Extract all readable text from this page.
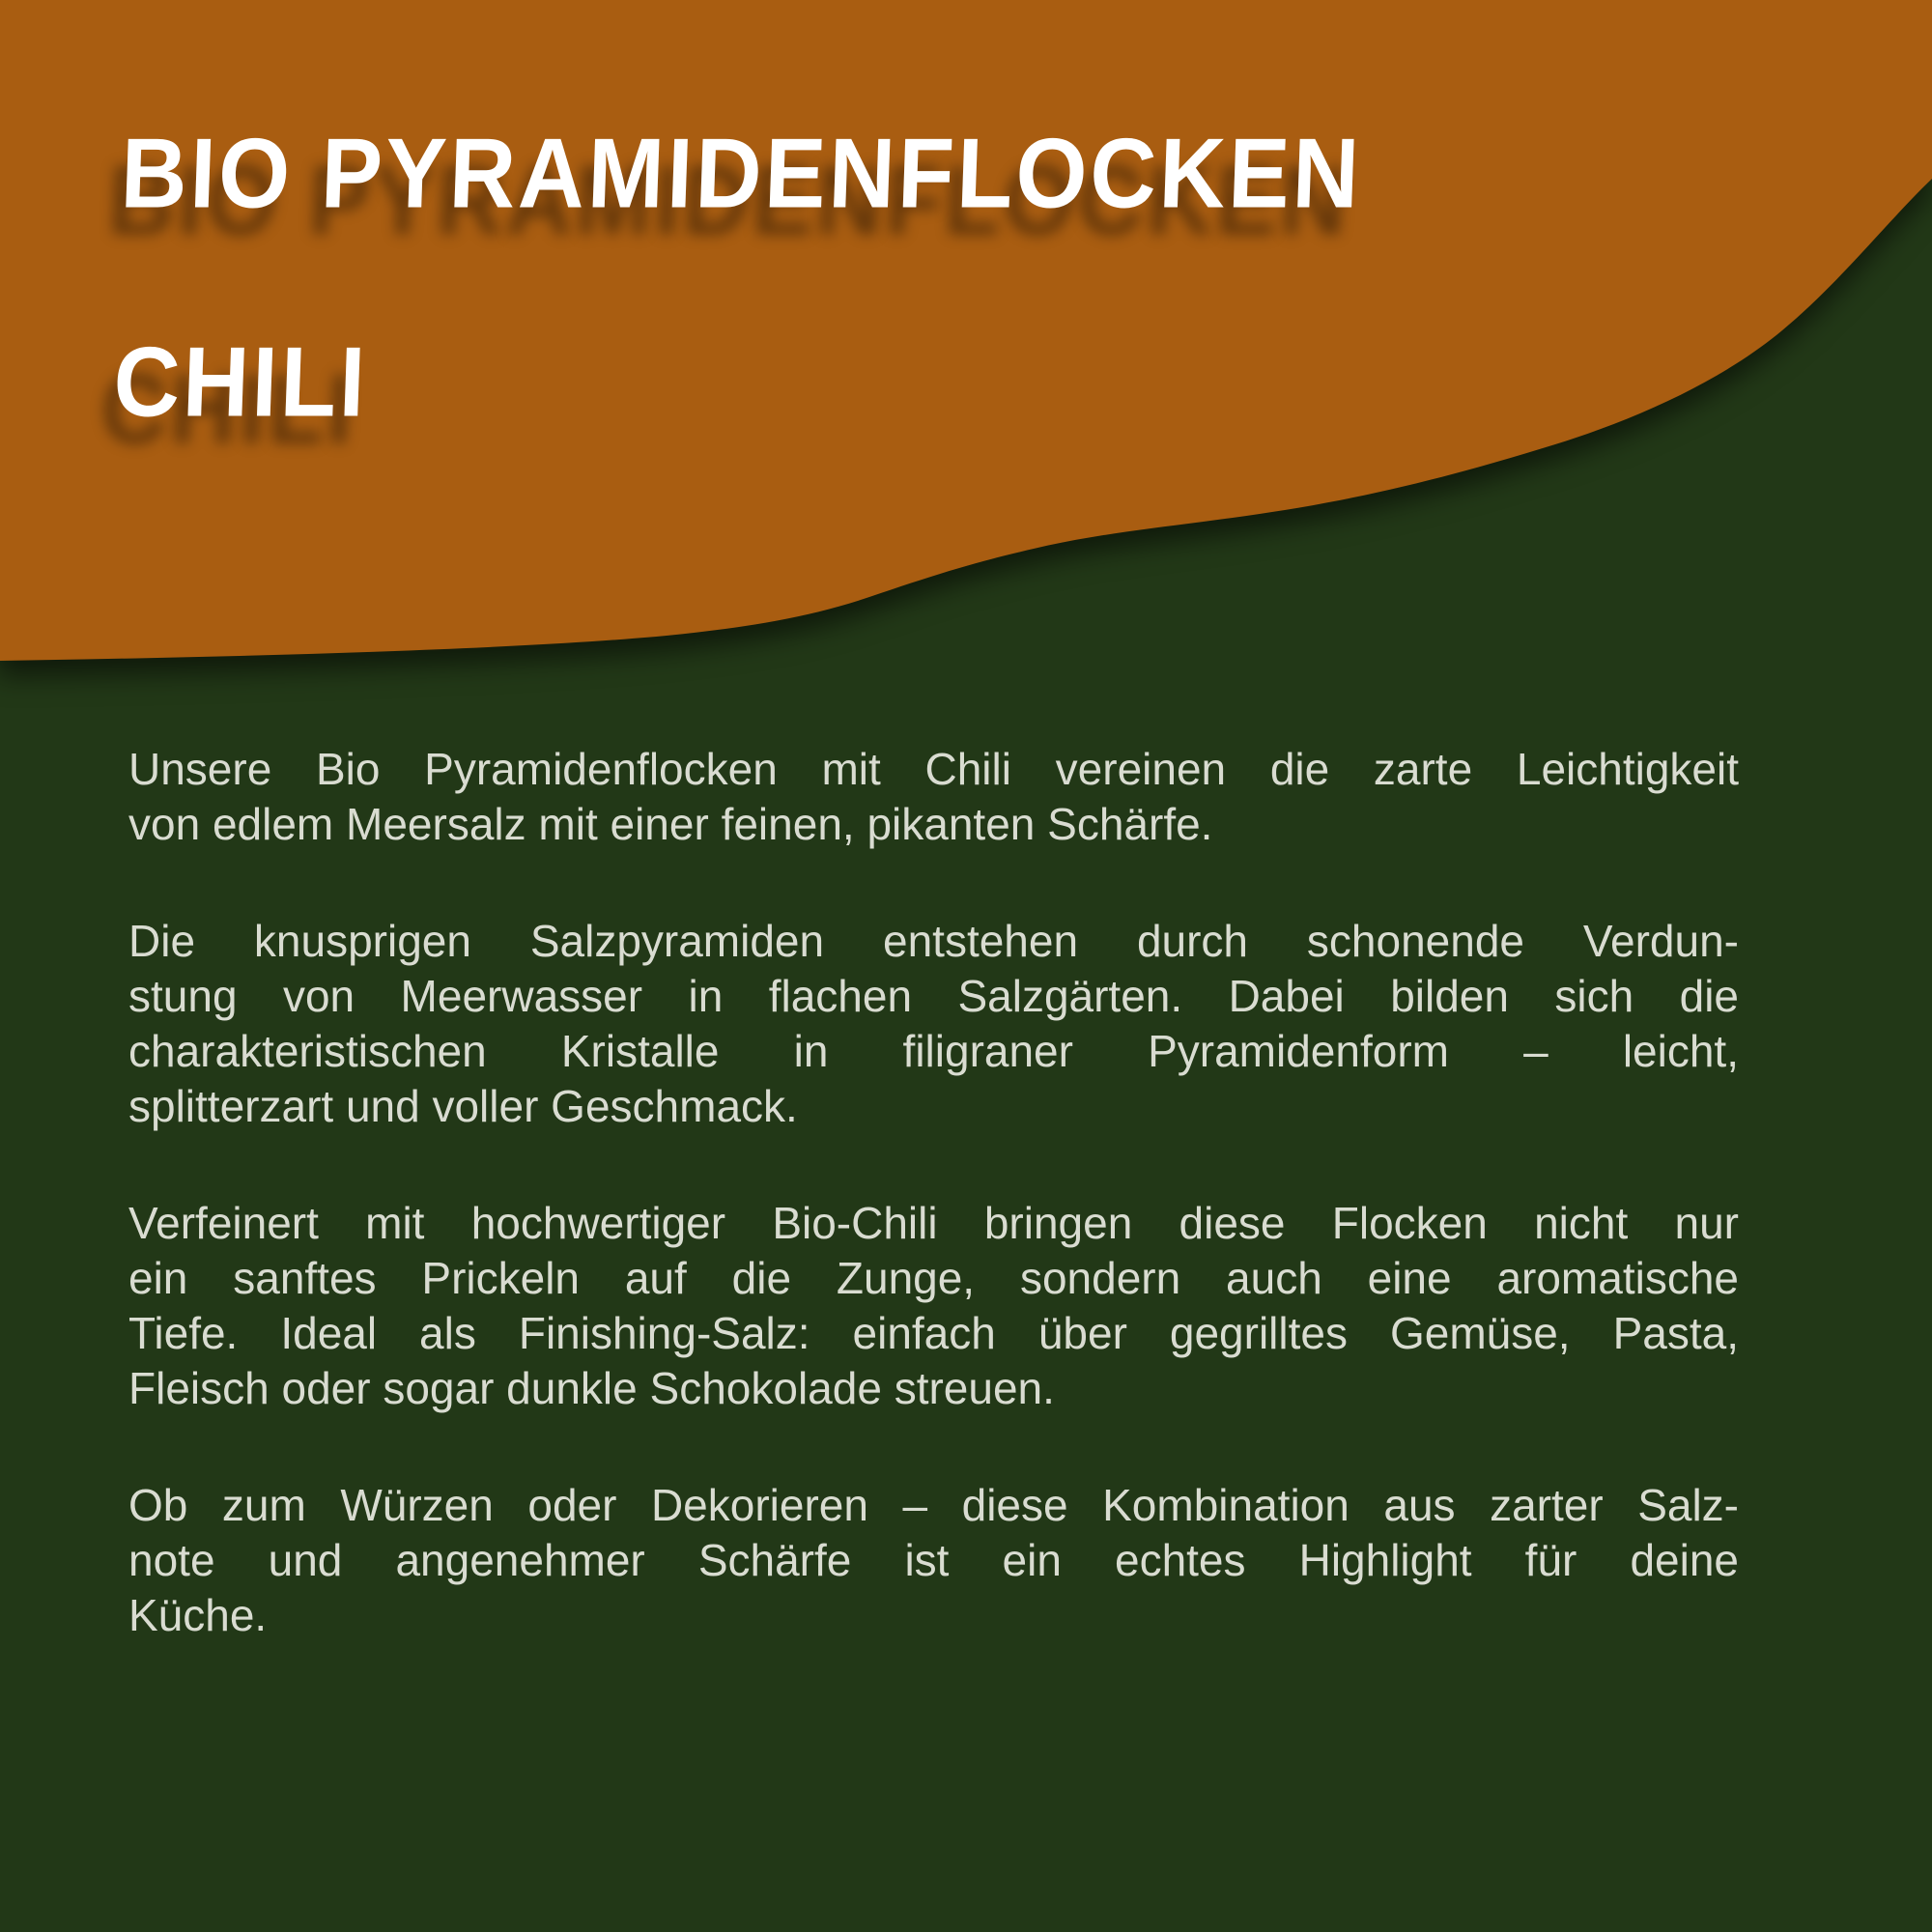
BIO PYRAMIDENFLOCKEN
CHILI
Unsere Bio Pyramidenflocken mit Chili vereinen die zarte Leichtigkeit
von edlem Meersalz mit einer feinen, pikanten Schärfe.
Die knusprigen Salzpyramiden entstehen durch schonende Verdun-
stung von Meerwasser in flachen Salzgärten. Dabei bilden sich die
charakteristischen Kristalle in filigraner Pyramidenform – leicht,
splitterzart und voller Geschmack.
Verfeinert mit hochwertiger Bio-Chili bringen diese Flocken nicht nur
ein sanftes Prickeln auf die Zunge, sondern auch eine aromatische
Tiefe. Ideal als Finishing-Salz: einfach über gegrilltes Gemüse, Pasta,
Fleisch oder sogar dunkle Schokolade streuen.
Ob zum Würzen oder Dekorieren – diese Kombination aus zarter Salz-
note und angenehmer Schärfe ist ein echtes Highlight für deine
Küche.
